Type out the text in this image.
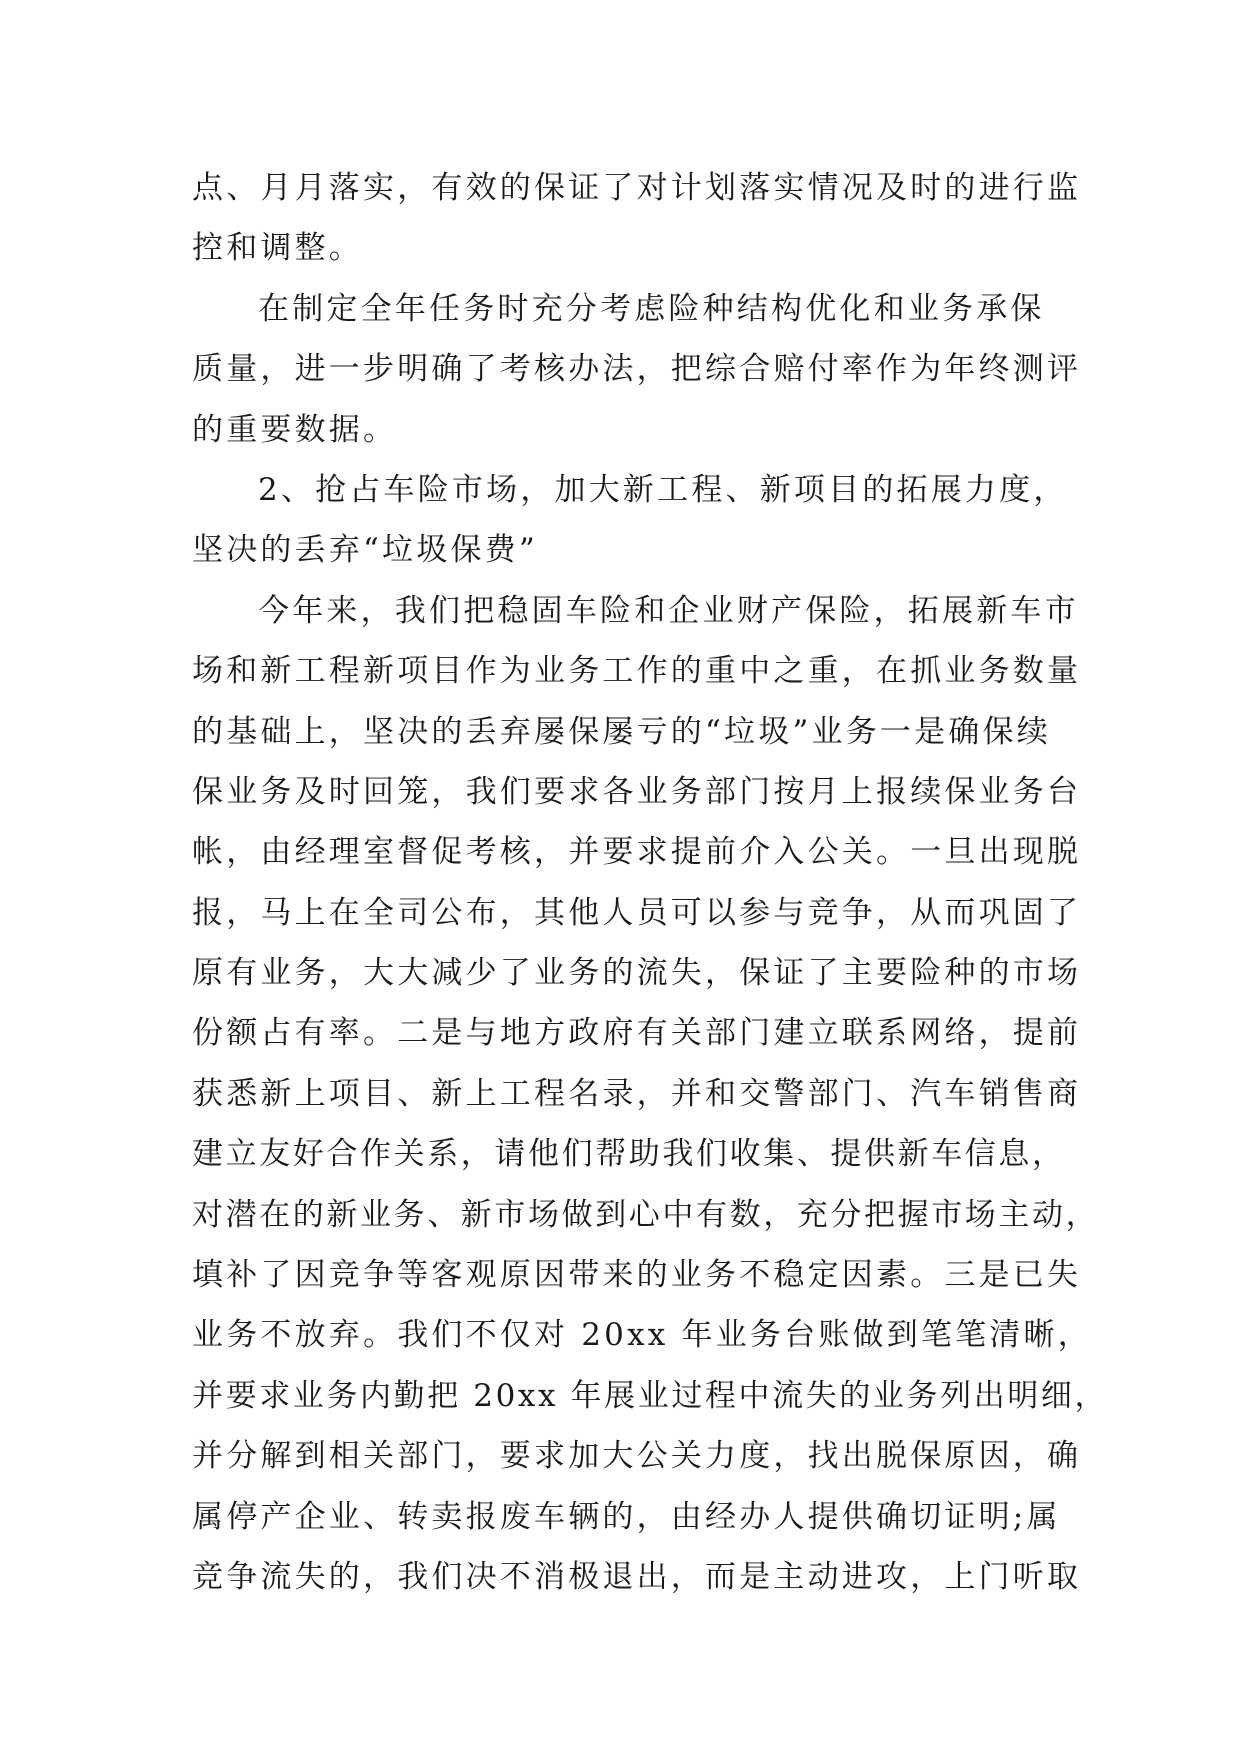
点、月月落实，有效的保证了对计划落实情况及时的进行监
控和调整。
在制定全年任务时充分考虑险种结构优化和业务承保
质量，进一步明确了考核办法，把综合赔付率作为年终测评
的重要数据。
2、抢占车险市场，加大新工程、新项目的拓展力度，
坚决的丢弃“垃圾保费”
今年来，我们把稳固车险和企业财产保险，拓展新车市
场和新工程新项目作为业务工作的重中之重，在抓业务数量
的基础上，坚决的丢弃屡保屡亏的“垃圾”业务一是确保续
保业务及时回笼，我们要求各业务部门按月上报续保业务台
帐，由经理室督促考核，并要求提前介入公关。一旦出现脱
报，马上在全司公布，其他人员可以参与竞争，从而巩固了
原有业务，大大减少了业务的流失，保证了主要险种的市场
份额占有率。二是与地方政府有关部门建立联系网络，提前
获悉新上项目、新上工程名录，并和交警部门、汽车销售商
建立友好合作关系，请他们帮助我们收集、提供新车信息，
对潜在的新业务、新市场做到心中有数，充分把握市场主动，
填补了因竞争等客观原因带来的业务不稳定因素。三是已失
业务不放弃。我们不仅对 20xx 年业务台账做到笔笔清晰，
并要求业务内勤把 20xx 年展业过程中流失的业务列出明细，
并分解到相关部门，要求加大公关力度，找出脱保原因，确
属停产企业、转卖报废车辆的，由经办人提供确切证明;属
竞争流失的，我们决不消极退出，而是主动进攻，上门听取
